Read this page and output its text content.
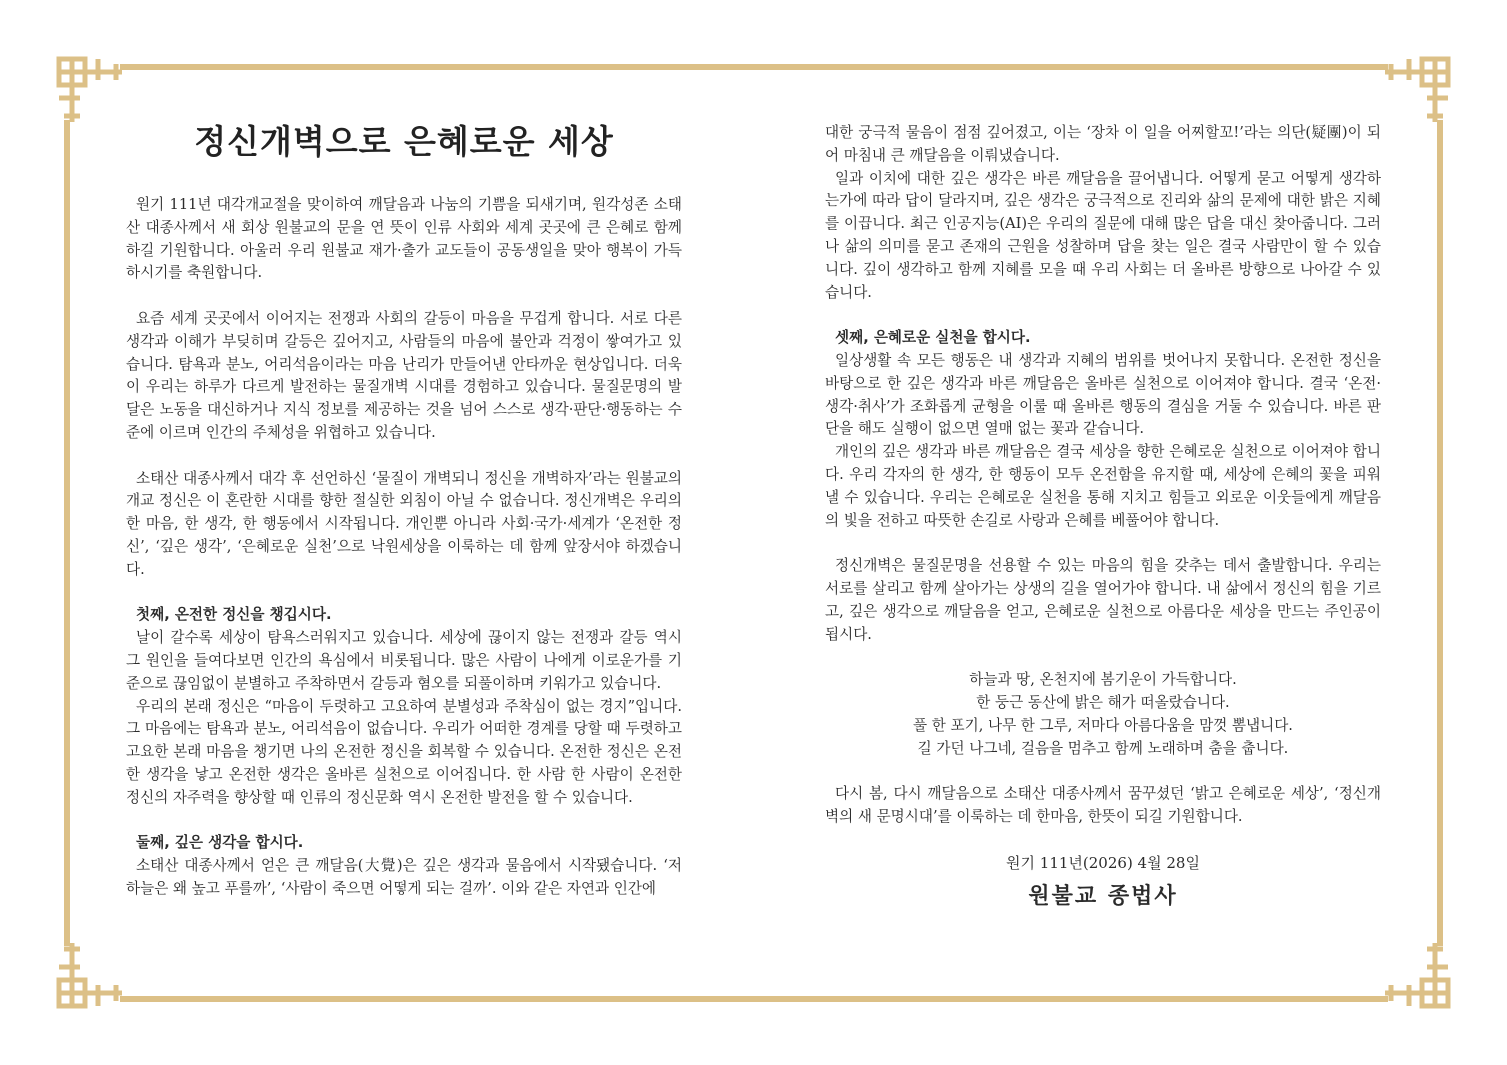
정신개벽으로 은혜로운 세상

원기 111년 대각개교절을 맞이하여 깨달음과 나눔의 기쁨을 되새기며, 원각성존 소태산 대종사께서 새 회상 원불교의 문을 연 뜻이 인류 사회와 세계 곳곳에 큰 은혜로 함께하길 기원합니다. 아울러 우리 원불교 재가·출가 교도들이 공동생일을 맞아 행복이 가득하시기를 축원합니다.

요즘 세계 곳곳에서 이어지는 전쟁과 사회의 갈등이 마음을 무겁게 합니다. 서로 다른 생각과 이해가 부딪히며 갈등은 깊어지고, 사람들의 마음에 불안과 걱정이 쌓여가고 있습니다. 탐욕과 분노, 어리석음이라는 마음 난리가 만들어낸 안타까운 현상입니다. 더욱이 우리는 하루가 다르게 발전하는 물질개벽 시대를 경험하고 있습니다. 물질문명의 발달은 노동을 대신하거나 지식 정보를 제공하는 것을 넘어 스스로 생각·판단·행동하는 수준에 이르며 인간의 주체성을 위협하고 있습니다.

소태산 대종사께서 대각 후 선언하신 ‘물질이 개벽되니 정신을 개벽하자’라는 원불교의 개교 정신은 이 혼란한 시대를 향한 절실한 외침이 아닐 수 없습니다. 정신개벽은 우리의 한 마음, 한 생각, 한 행동에서 시작됩니다. 개인뿐 아니라 사회·국가·세계가 ‘온전한 정신’, ‘깊은 생각’, ‘은혜로운 실천’으로 낙원세상을 이룩하는 데 함께 앞장서야 하겠습니다.

첫째, 온전한 정신을 챙깁시다.

날이 갈수록 세상이 탐욕스러워지고 있습니다. 세상에 끊이지 않는 전쟁과 갈등 역시 그 원인을 들여다보면 인간의 욕심에서 비롯됩니다. 많은 사람이 나에게 이로운가를 기준으로 끊임없이 분별하고 주착하면서 갈등과 혐오를 되풀이하며 키워가고 있습니다.

우리의 본래 정신은 “마음이 두렷하고 고요하여 분별성과 주착심이 없는 경지”입니다. 그 마음에는 탐욕과 분노, 어리석음이 없습니다. 우리가 어떠한 경계를 당할 때 두렷하고 고요한 본래 마음을 챙기면 나의 온전한 정신을 회복할 수 있습니다. 온전한 정신은 온전한 생각을 낳고 온전한 생각은 올바른 실천으로 이어집니다. 한 사람 한 사람이 온전한 정신의 자주력을 향상할 때 인류의 정신문화 역시 온전한 발전을 할 수 있습니다.

둘째, 깊은 생각을 합시다.

소태산 대종사께서 얻은 큰 깨달음(大覺)은 깊은 생각과 물음에서 시작됐습니다. ‘저 하늘은 왜 높고 푸를까’, ‘사람이 죽으면 어떻게 되는 걸까’. 이와 같은 자연과 인간에

대한 궁극적 물음이 점점 깊어졌고, 이는 ‘장차 이 일을 어찌할꼬!’라는 의단(疑團)이 되어 마침내 큰 깨달음을 이뤄냈습니다.

일과 이치에 대한 깊은 생각은 바른 깨달음을 끌어냅니다. 어떻게 묻고 어떻게 생각하는가에 따라 답이 달라지며, 깊은 생각은 궁극적으로 진리와 삶의 문제에 대한 밝은 지혜를 이끕니다. 최근 인공지능(AI)은 우리의 질문에 대해 많은 답을 대신 찾아줍니다. 그러나 삶의 의미를 묻고 존재의 근원을 성찰하며 답을 찾는 일은 결국 사람만이 할 수 있습니다. 깊이 생각하고 함께 지혜를 모을 때 우리 사회는 더 올바른 방향으로 나아갈 수 있습니다.

셋째, 은혜로운 실천을 합시다.

일상생활 속 모든 행동은 내 생각과 지혜의 범위를 벗어나지 못합니다. 온전한 정신을 바탕으로 한 깊은 생각과 바른 깨달음은 올바른 실천으로 이어져야 합니다. 결국 ‘온전·생각·취사’가 조화롭게 균형을 이룰 때 올바른 행동의 결심을 거둘 수 있습니다. 바른 판단을 해도 실행이 없으면 열매 없는 꽃과 같습니다.

개인의 깊은 생각과 바른 깨달음은 결국 세상을 향한 은혜로운 실천으로 이어져야 합니다. 우리 각자의 한 생각, 한 행동이 모두 온전함을 유지할 때, 세상에 은혜의 꽃을 피워낼 수 있습니다. 우리는 은혜로운 실천을 통해 지치고 힘들고 외로운 이웃들에게 깨달음의 빛을 전하고 따뜻한 손길로 사랑과 은혜를 베풀어야 합니다.

정신개벽은 물질문명을 선용할 수 있는 마음의 힘을 갖추는 데서 출발합니다. 우리는 서로를 살리고 함께 살아가는 상생의 길을 열어가야 합니다. 내 삶에서 정신의 힘을 기르고, 깊은 생각으로 깨달음을 얻고, 은혜로운 실천으로 아름다운 세상을 만드는 주인공이 됩시다.

하늘과 땅, 온천지에 봄기운이 가득합니다.
한 둥근 동산에 밝은 해가 떠올랐습니다.
풀 한 포기, 나무 한 그루, 저마다 아름다움을 맘껏 뽐냅니다.
길 가던 나그네, 걸음을 멈추고 함께 노래하며 춤을 춥니다.

다시 봄, 다시 깨달음으로 소태산 대종사께서 꿈꾸셨던 ‘밝고 은혜로운 세상’, ‘정신개벽의 새 문명시대’를 이룩하는 데 한마음, 한뜻이 되길 기원합니다.

원기 111년(2026) 4월 28일
원불교 종법사
